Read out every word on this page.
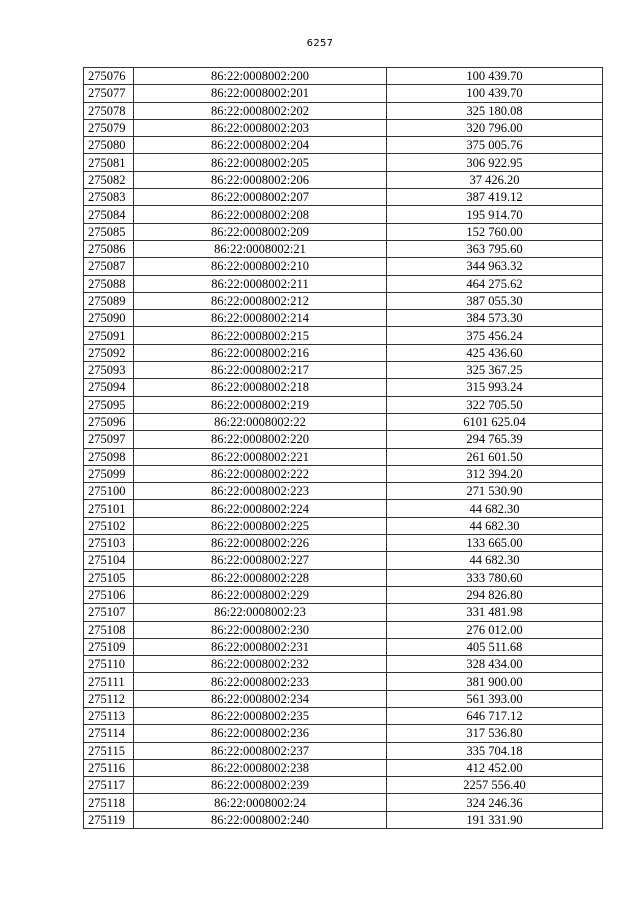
6257
275076	86:22:0008002:200	100 439.70
275077	86:22:0008002:201	100 439.70
275078	86:22:0008002:202	325 180.08
275079	86:22:0008002:203	320 796.00
275080	86:22:0008002:204	375 005.76
275081	86:22:0008002:205	306 922.95
275082	86:22:0008002:206	37 426.20
275083	86:22:0008002:207	387 419.12
275084	86:22:0008002:208	195 914.70
275085	86:22:0008002:209	152 760.00
275086	86:22:0008002:21	363 795.60
275087	86:22:0008002:210	344 963.32
275088	86:22:0008002:211	464 275.62
275089	86:22:0008002:212	387 055.30
275090	86:22:0008002:214	384 573.30
275091	86:22:0008002:215	375 456.24
275092	86:22:0008002:216	425 436.60
275093	86:22:0008002:217	325 367.25
275094	86:22:0008002:218	315 993.24
275095	86:22:0008002:219	322 705.50
275096	86:22:0008002:22	6101 625.04
275097	86:22:0008002:220	294 765.39
275098	86:22:0008002:221	261 601.50
275099	86:22:0008002:222	312 394.20
275100	86:22:0008002:223	271 530.90
275101	86:22:0008002:224	44 682.30
275102	86:22:0008002:225	44 682.30
275103	86:22:0008002:226	133 665.00
275104	86:22:0008002:227	44 682.30
275105	86:22:0008002:228	333 780.60
275106	86:22:0008002:229	294 826.80
275107	86:22:0008002:23	331 481.98
275108	86:22:0008002:230	276 012.00
275109	86:22:0008002:231	405 511.68
275110	86:22:0008002:232	328 434.00
275111	86:22:0008002:233	381 900.00
275112	86:22:0008002:234	561 393.00
275113	86:22:0008002:235	646 717.12
275114	86:22:0008002:236	317 536.80
275115	86:22:0008002:237	335 704.18
275116	86:22:0008002:238	412 452.00
275117	86:22:0008002:239	2257 556.40
275118	86:22:0008002:24	324 246.36
275119	86:22:0008002:240	191 331.90
